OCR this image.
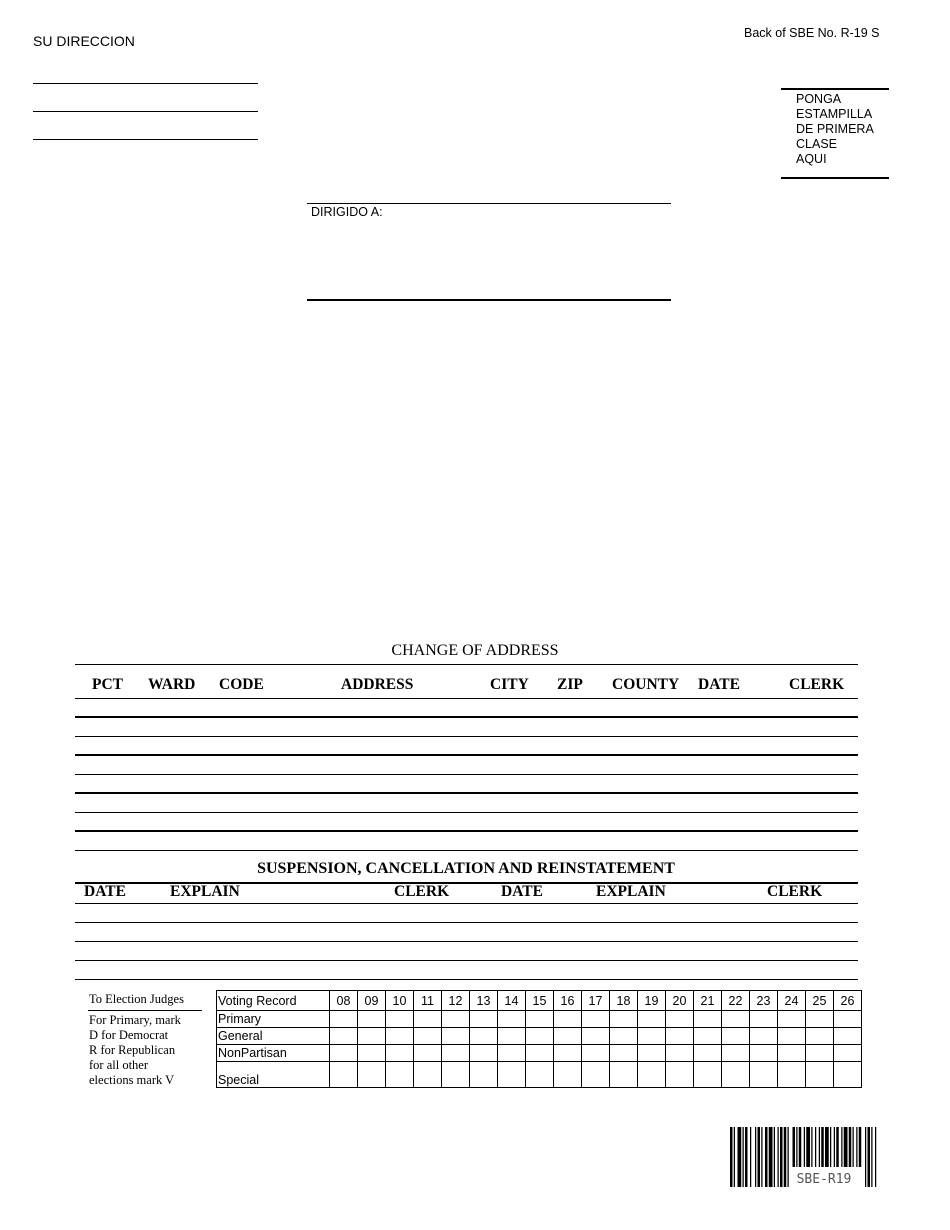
SU DIRECCION	Back of SBE No. R-19 S
PONGA
ESTAMPILLA
DE PRIMERA
CLASE
AQUI
DIRIGIDO A:
CHANGE OF ADDRESS
PCT WARD CODE	ADDRESS	CITY ZIP COUNTY DATE	CLERK
SUSPENSION, CANCELLATION AND REINSTATEMENT
DATE	EXPLAIN	CLERK	DATE	EXPLAIN	CLERK
To Election Judges
For Primary, mark
D for Democrat
R for Republican
for all other
elections mark V
Voting Record	08	09	10	11	12	13	14	15	16	17	18	19	20	21	22	23	24	25	26
Primary																			
General																			
NonPartisan																			
Special																			
SBE-R19
